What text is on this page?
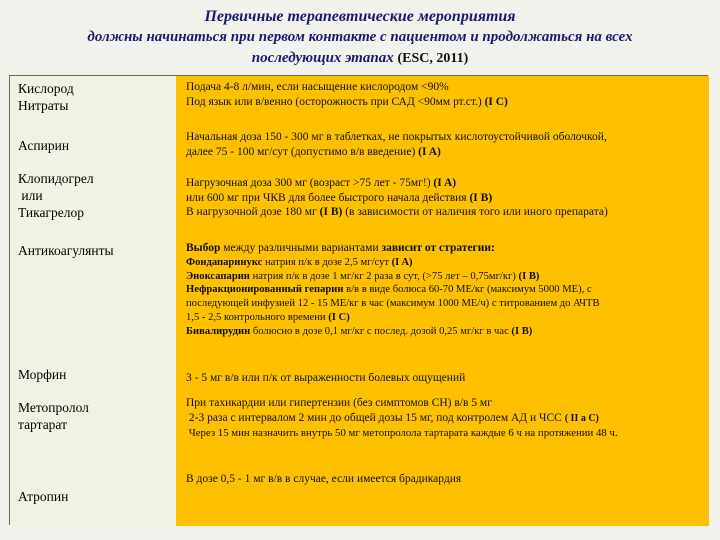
Первичные терапевтические мероприятия
должны начинаться при первом контакте с пациентом и продолжаться на всех
последующих этапах (ESC, 2011)
Кислород
Нитраты
Подача 4-8 л/мин, если насыщение кислородом <90%
Под язык или в/венно (осторожность при САД <90мм рт.ст.) (I C)
Аспирин
Начальная доза 150 - 300 мг в таблетках, не покрытых кислотоустойчивой оболочкой,
далее 75 - 100 мг/сут (допустимо в/в введение) (I A)
Клопидогрел
или
Тикагрелор
Нагрузочная доза 300 мг (возраст >75 лет - 75мг!) (I A)
или 600 мг при ЧКВ для более быстрого начала действия (I B)
В нагрузочной дозе 180 мг (I B) (в зависимости от наличия того или иного препарата)
Антикоагулянты	Выбор между различными вариантами зависит от стратегии:
Фондапаринукс натрия п/к в дозе 2,5 мг/сут (I A)
Эноксапарин натрия п/к в дозе 1 мг/кг 2 раза в сут, (>75 лет – 0,75мг/кг) (I B)
Нефракционированный гепарин в/в в виде болюса 60-70 МЕ/кг (максимум 5000 МЕ), с
последующей инфузией 12 - 15 МЕ/кг в час (максимум 1000 МЕ/ч) с титрованием до АЧТВ
1,5 - 2,5 контрольного времени (I C)
Бивалирудин болюсно в дозе 0,1 мг/кг с послед. дозой 0,25 мг/кг в час (I B)
Морфин	3 - 5 мг в/в или п/к от выраженности болевых ощущений
Метопролол
тартарат
При тахикардии или гипертензии (без симптомов СН) в/в 5 мг
2-3 раза с интервалом 2 мин до общей дозы 15 мг, под контролем АД и ЧСС ( II a C)
Через 15 мин назначить внутрь 50 мг метопролола тартарата каждые 6 ч на протяжении 48 ч.
Атропин
В дозе 0,5 - 1 мг в/в в случае, если имеется брадикардия
